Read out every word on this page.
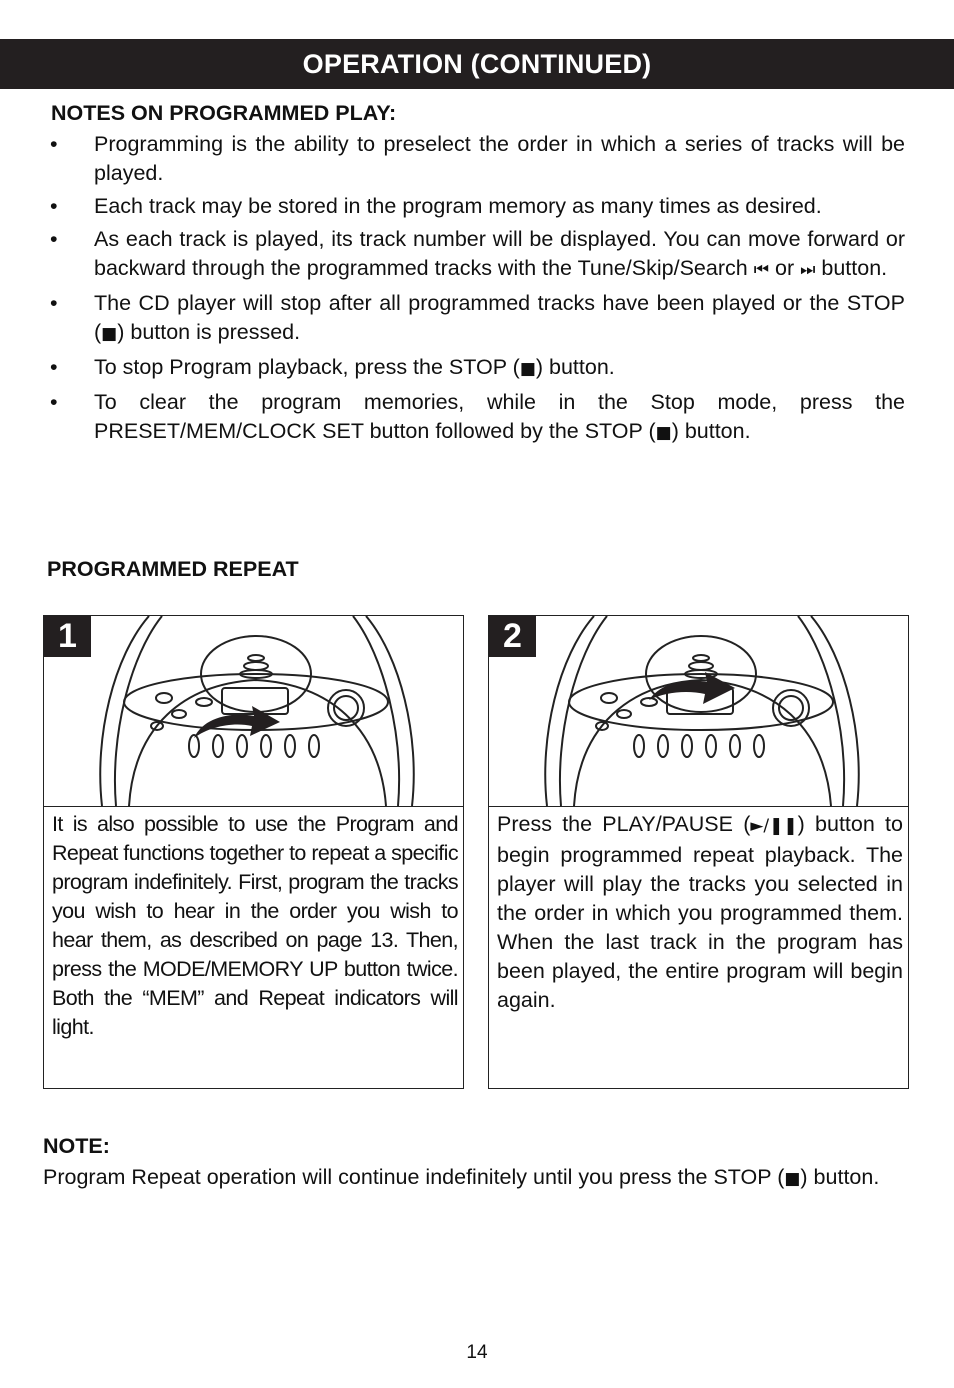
OPERATION (CONTINUED)
NOTES ON PROGRAMMED PLAY:
• Programming is the ability to preselect the order in which a series of tracks will be played.
• Each track may be stored in the program memory as many times as desired.
• As each track is played, its track number will be displayed. You can move forward or backward through the programmed tracks with the Tune/Skip/Search ⏮ or ⏭ button.
• The CD player will stop after all programmed tracks have been played or the STOP (■) button is pressed.
• To stop Program playback, press the STOP (■) button.
• To clear the program memories, while in the Stop mode, press the PRESET/MEM/CLOCK SET button followed by the STOP (■) button.
PROGRAMMED REPEAT
1

It is also possible to use the Program and Repeat functions together to repeat a specific program indefinitely. First, program the tracks you wish to hear in the order you wish to hear them, as described on page 13. Then, press the MODE/MEMORY UP button twice. Both the “MEM” and Repeat indicators will light.

2

Press the PLAY/PAUSE (►/❚❚) button to begin programmed repeat playback. The player will play the tracks you selected in the order in which you programmed them. When the last track in the program has been played, the entire program will begin again.

NOTE:

Program Repeat operation will continue indefinitely until you press the STOP (■) button.

14
